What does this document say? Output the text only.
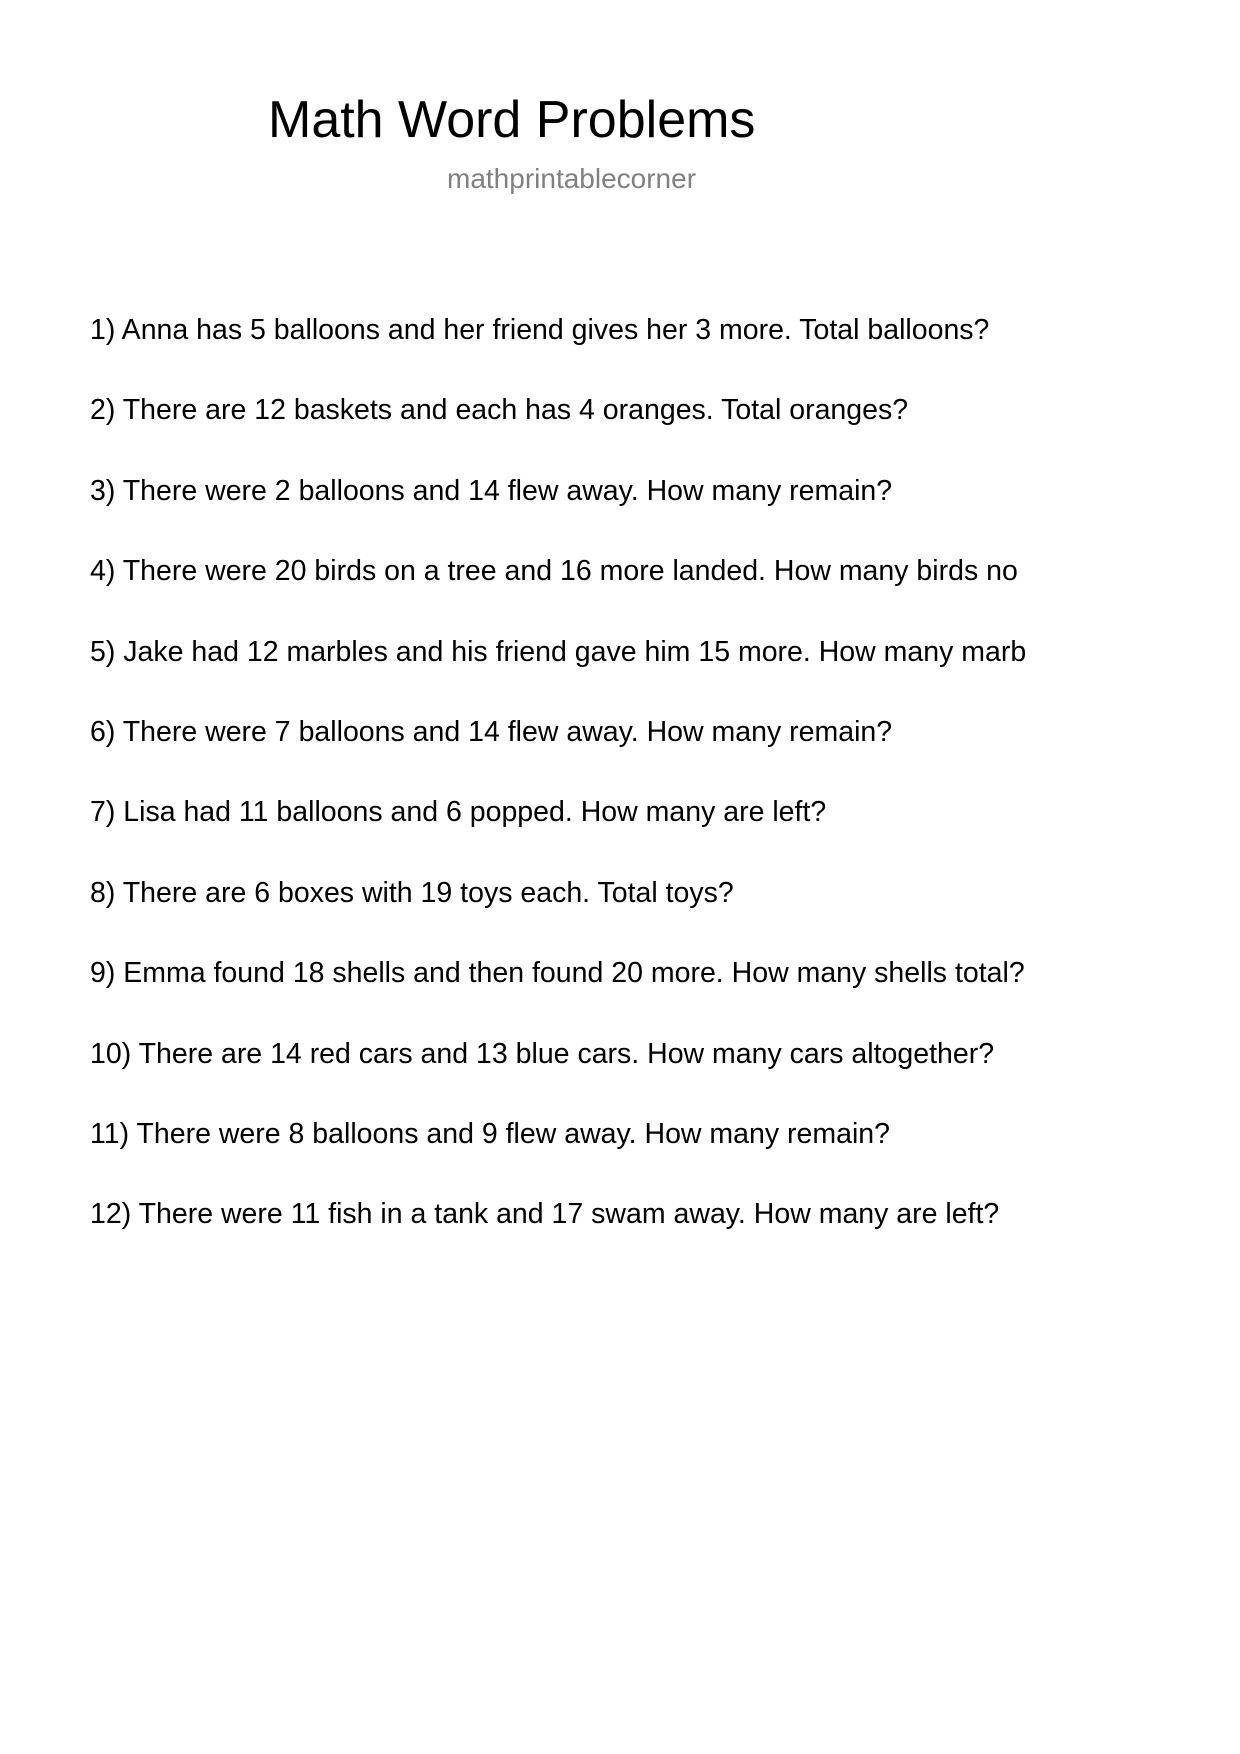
Math Word Problems
mathprintablecorner
1) Anna has 5 balloons and her friend gives her 3 more. Total balloons?
2) There are 12 baskets and each has 4 oranges. Total oranges?
3) There were 2 balloons and 14 flew away. How many remain?
4) There were 20 birds on a tree and 16 more landed. How many birds no
5) Jake had 12 marbles and his friend gave him 15 more. How many marb
6) There were 7 balloons and 14 flew away. How many remain?
7) Lisa had 11 balloons and 6 popped. How many are left?
8) There are 6 boxes with 19 toys each. Total toys?
9) Emma found 18 shells and then found 20 more. How many shells total?
10) There are 14 red cars and 13 blue cars. How many cars altogether?
11) There were 8 balloons and 9 flew away. How many remain?
12) There were 11 fish in a tank and 17 swam away. How many are left?
